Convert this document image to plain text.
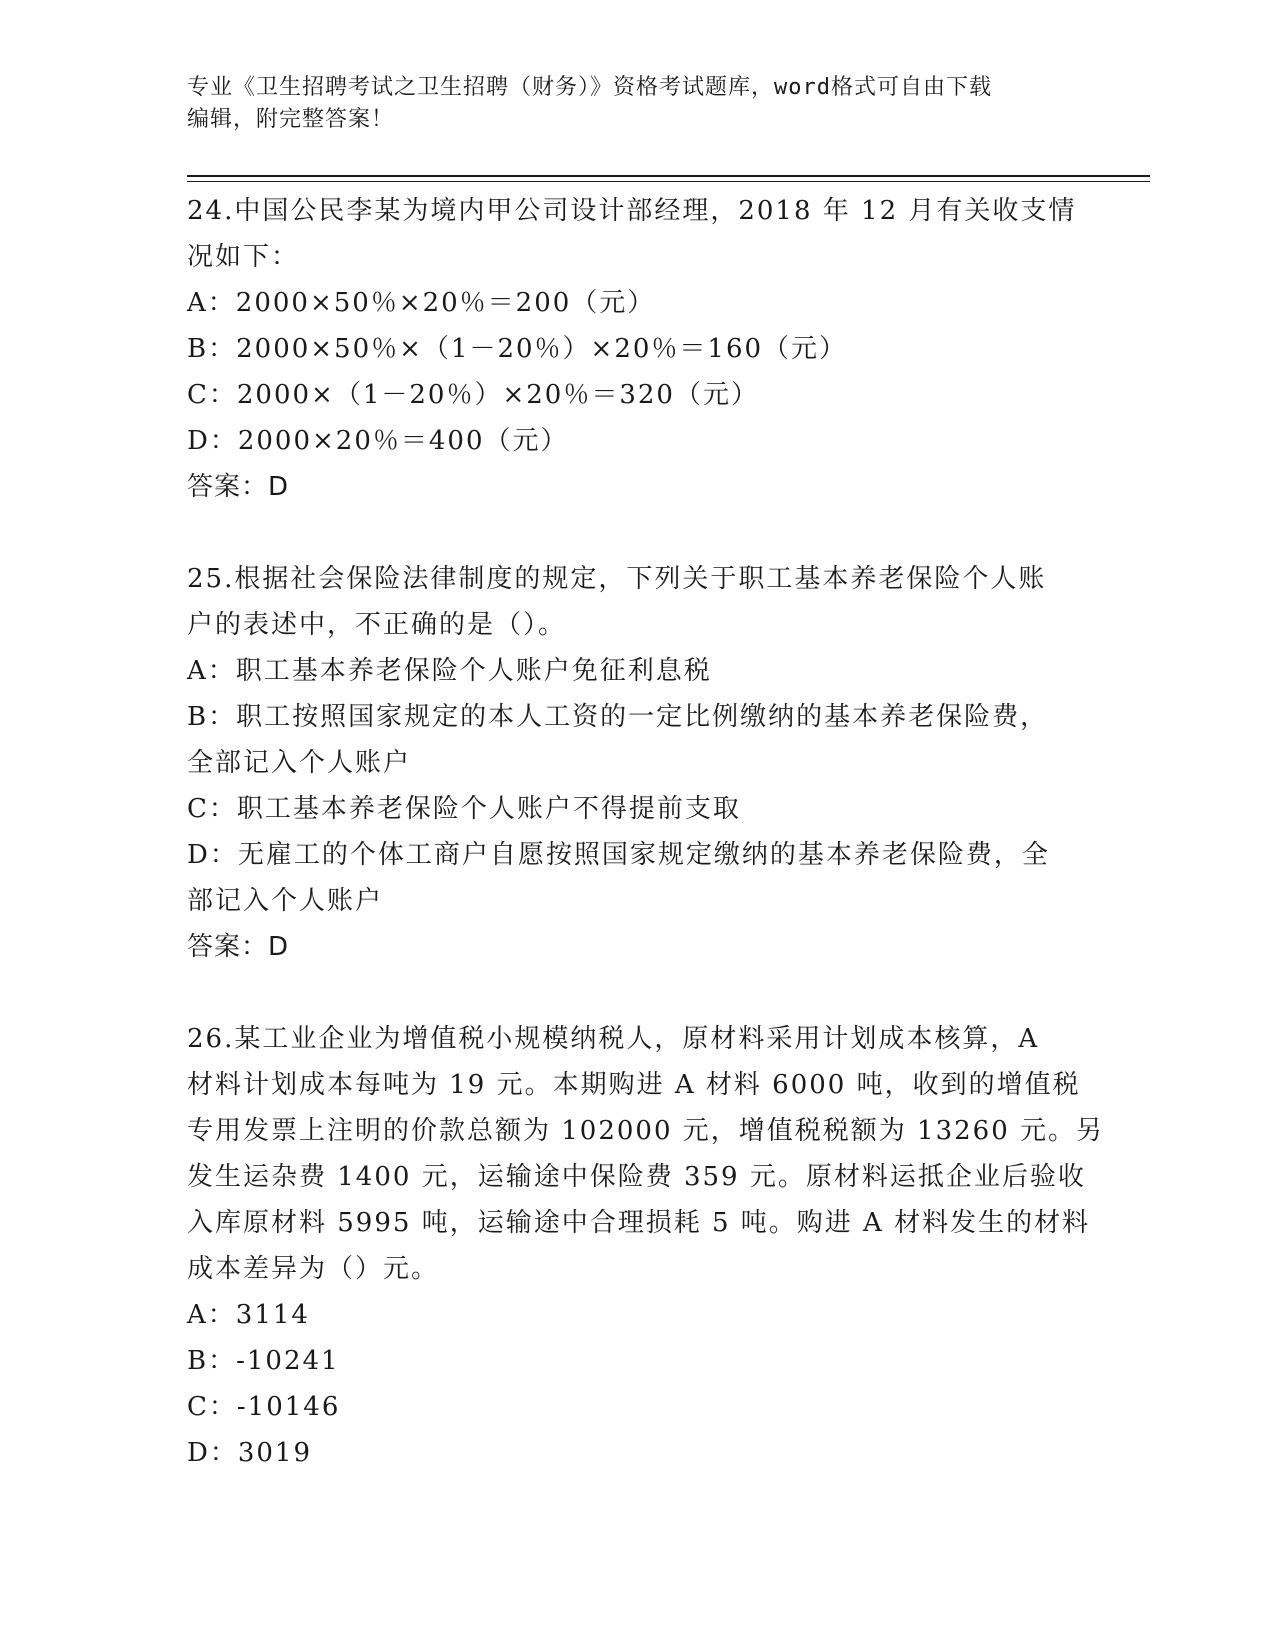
专业《卫生招聘考试之卫生招聘（财务）》资格考试题库，word格式可自由下载
编辑，附完整答案！
24.中国公民李某为境内甲公司设计部经理，2018 年 12 月有关收支情
况如下：
A：2000×50％×20％＝200（元）
B：2000×50％×（1－20％）×20％＝160（元）
C：2000×（1－20％）×20％＝320（元）
D：2000×20％＝400（元）
答案：D
25.根据社会保险法律制度的规定，下列关于职工基本养老保险个人账
户的表述中，不正确的是（）。
A：职工基本养老保险个人账户免征利息税
B：职工按照国家规定的本人工资的一定比例缴纳的基本养老保险费，
全部记入个人账户
C：职工基本养老保险个人账户不得提前支取
D：无雇工的个体工商户自愿按照国家规定缴纳的基本养老保险费，全
部记入个人账户
答案：D
26.某工业企业为增值税小规模纳税人，原材料采用计划成本核算，A
材料计划成本每吨为 19 元。本期购进 A 材料 6000 吨，收到的增值税
专用发票上注明的价款总额为 102000 元，增值税税额为 13260 元。另
发生运杂费 1400 元，运输途中保险费 359 元。原材料运抵企业后验收
入库原材料 5995 吨，运输途中合理损耗 5 吨。购进 A 材料发生的材料
成本差异为（）元。
A：3114
B：-10241
C：-10146
D：3019
